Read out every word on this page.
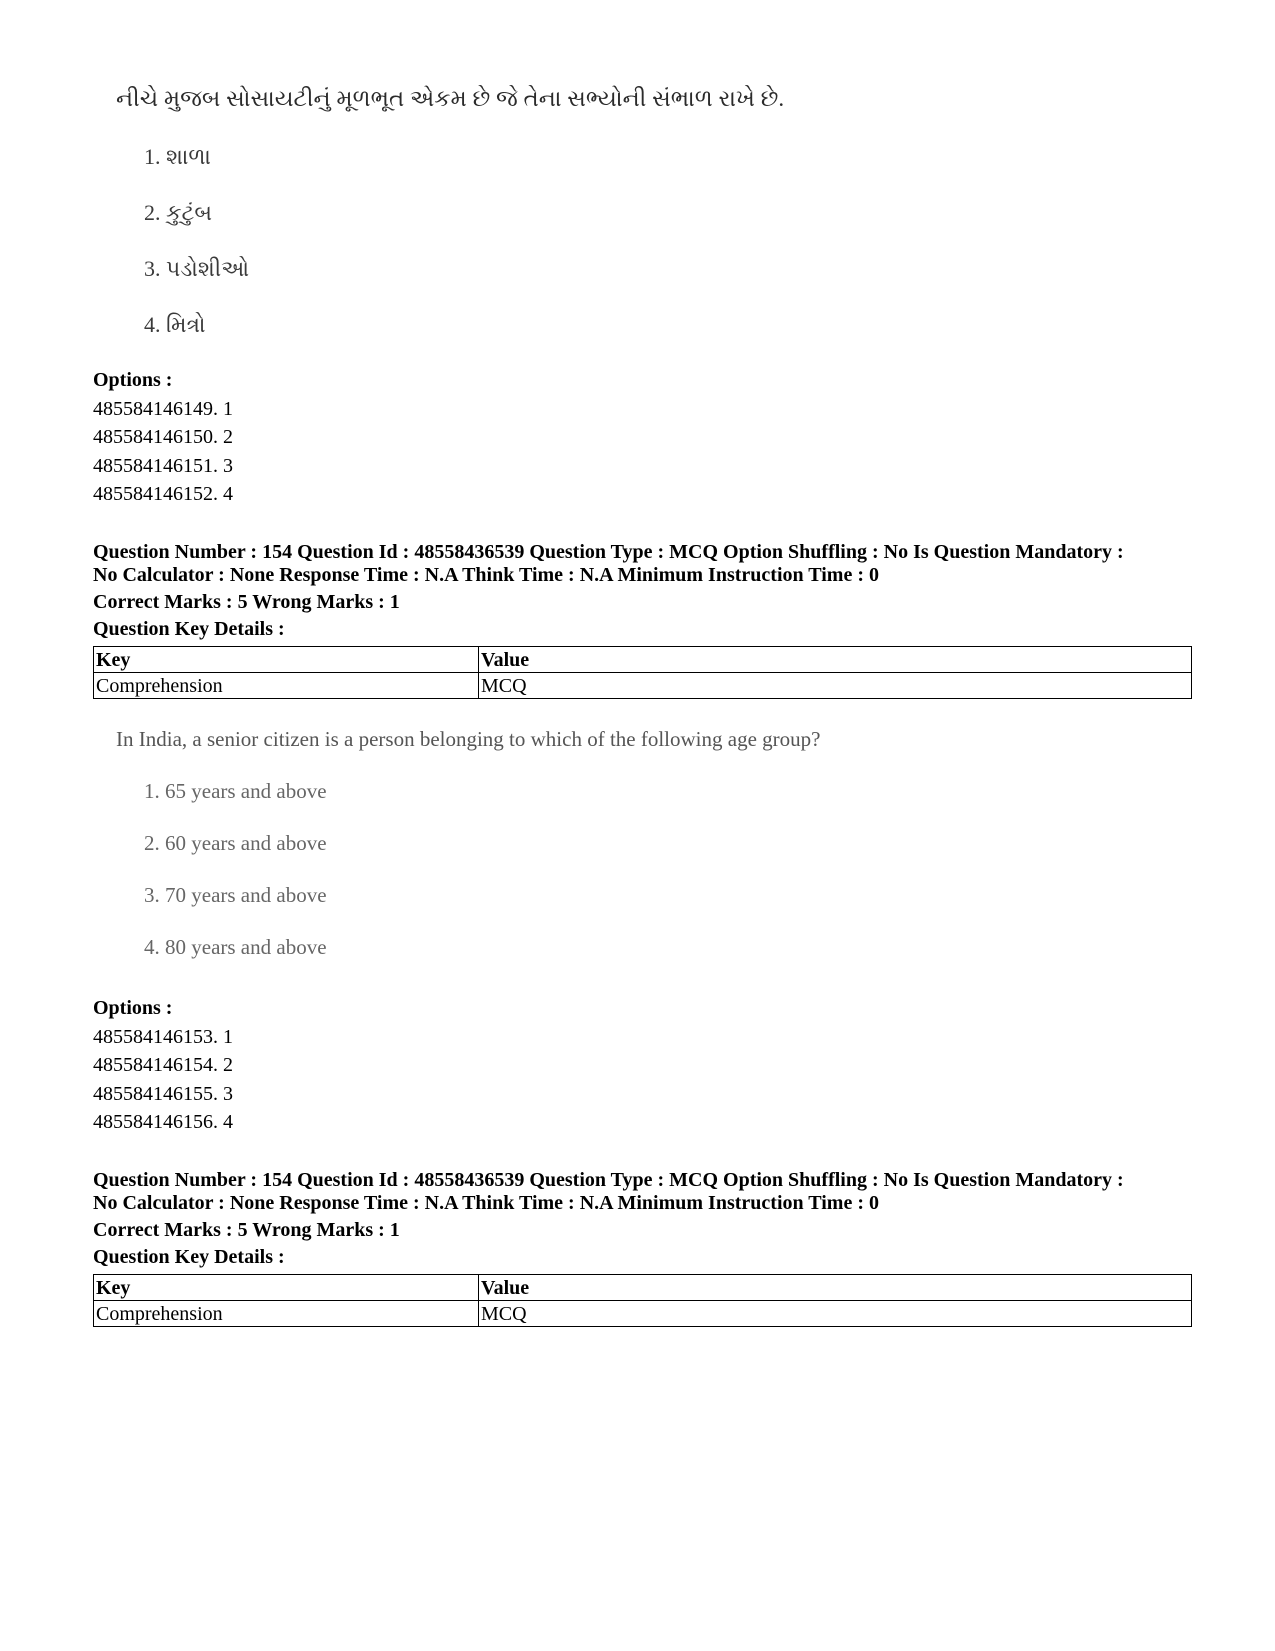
નીચે મુજબ સોસાયટીનું મૂળભૂત એકમ છે જે તેના સભ્યોની સંભાળ રાખે છે.
1. શાળા
2. કુટુંબ
3. પડોશીઓ
4. મિત્રો
Options :
485584146149. 1
485584146150. 2
485584146151. 3
485584146152. 4
Question Number : 154 Question Id : 48558436539 Question Type : MCQ Option Shuffling : No Is Question Mandatory :
No Calculator : None Response Time : N.A Think Time : N.A Minimum Instruction Time : 0
Correct Marks : 5 Wrong Marks : 1
Question Key Details :
Key	Value
Comprehension	MCQ
In India, a senior citizen is a person belonging to which of the following age group?
1. 65 years and above
2. 60 years and above
3. 70 years and above
4. 80 years and above
Options :
485584146153. 1
485584146154. 2
485584146155. 3
485584146156. 4
Question Number : 154 Question Id : 48558436539 Question Type : MCQ Option Shuffling : No Is Question Mandatory :
No Calculator : None Response Time : N.A Think Time : N.A Minimum Instruction Time : 0
Correct Marks : 5 Wrong Marks : 1
Question Key Details :
Key	Value
Comprehension	MCQ
